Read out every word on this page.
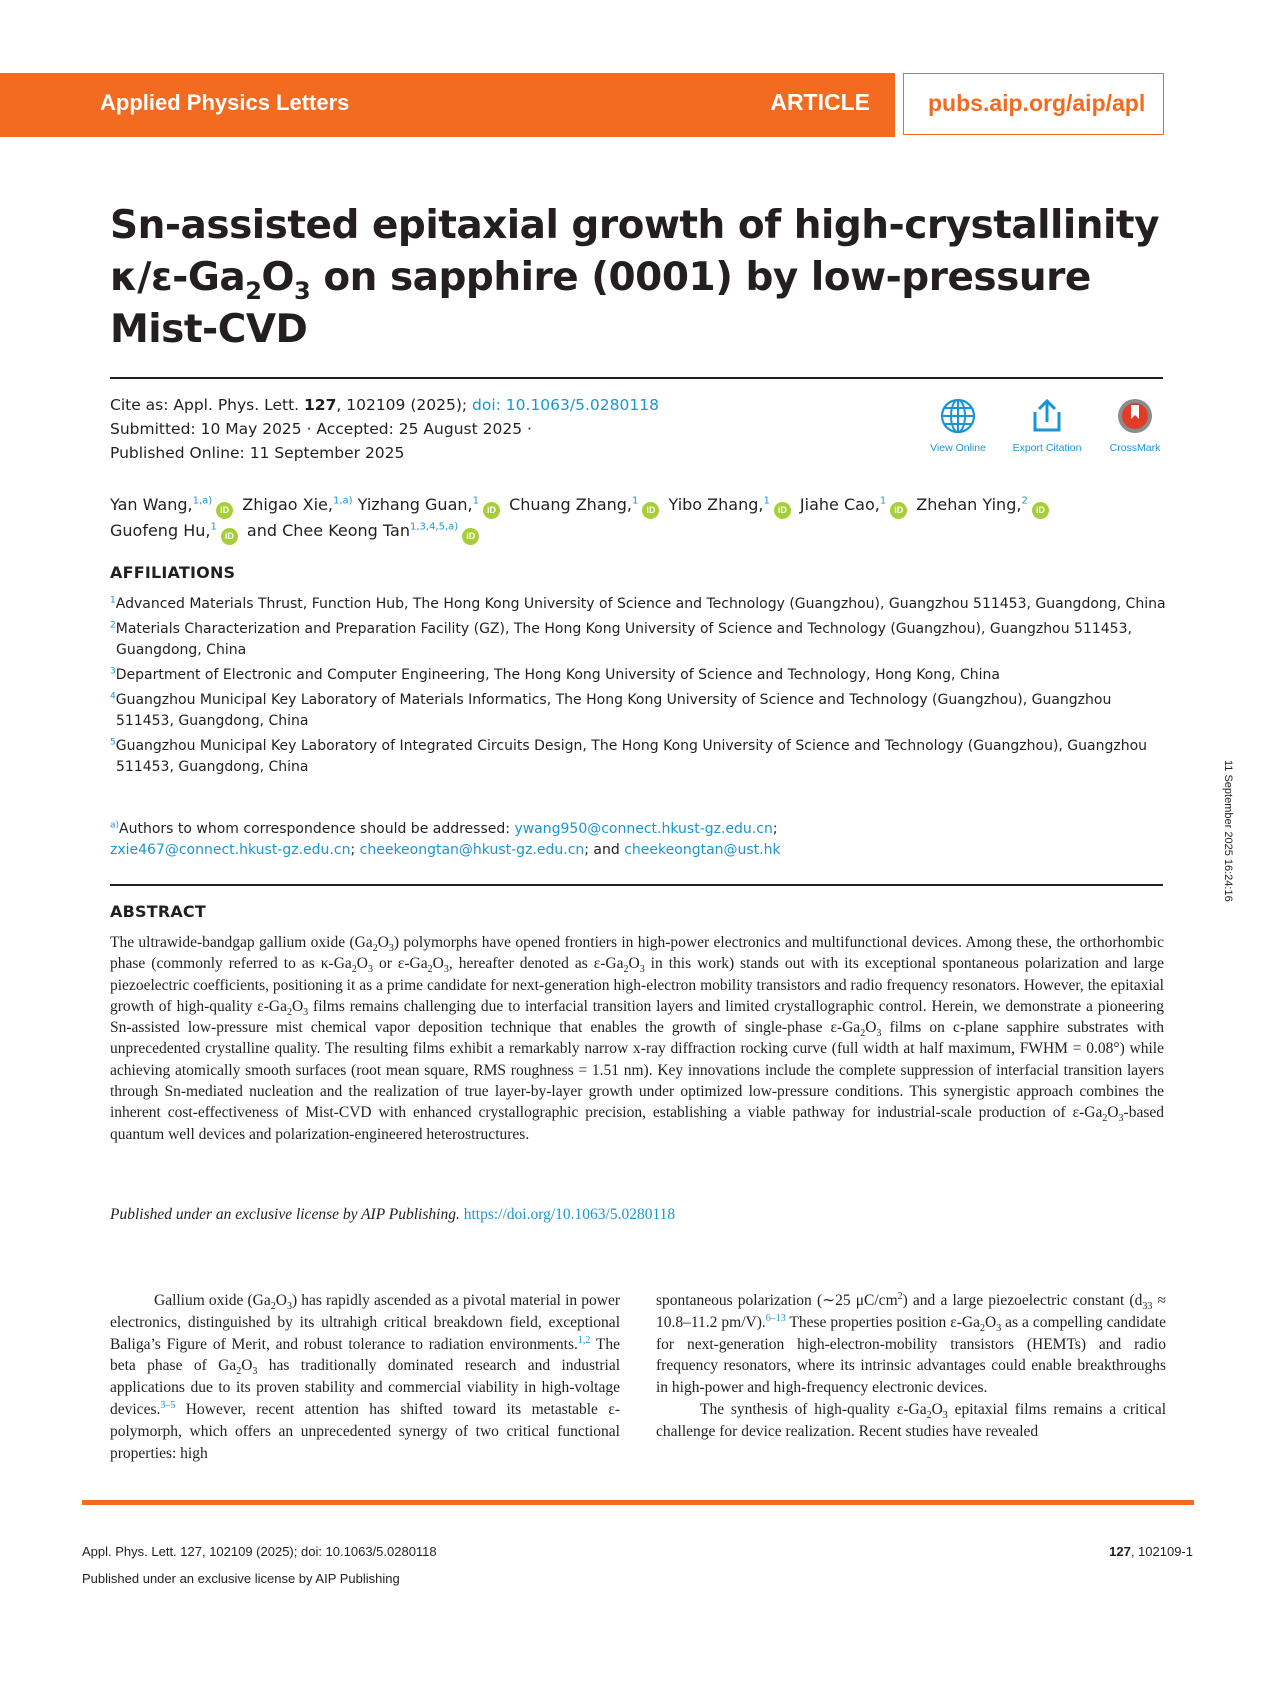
Applied Physics Letters	ARTICLE	pubs.aip.org/aip/apl
Sn-assisted epitaxial growth of high-crystallinity
$\kappa/\varepsilon-Ga_2O_3$ on sapphire (0001) by low-pressure
Mist-CVD
Cite as: Appl. Phys. Lett. 127, 102109 (2025); doi: 10.1063/5.0280118
Submitted: 10 May 2025 · Accepted: 25 August 2025 ·
Published Online: 11 September 2025	View Online	Export Citation	CrossMark
Yan Wang,$^{1,a)}$iD Zhigao Xie,$^{1,a)}$ Yizhang Guan,$^1$iD Chuang Zhang,$^1$iD Yibo Zhang,$^1$iD Jiahe Cao,$^1$iD Zhehan Ying,$^2$iD Guofeng Hu,$^1$iD and Chee Keong Tan$^{1,3,4,5,a)}$iD
AFFILIATIONS
$^1$Advanced Materials Thrust, Function Hub, The Hong Kong University of Science and Technology (Guangzhou), Guangzhou 511453, Guangdong, China
$^2$Materials Characterization and Preparation Facility (GZ), The Hong Kong University of Science and Technology (Guangzhou), Guangzhou 511453, Guangdong, China
$^3$Department of Electronic and Computer Engineering, The Hong Kong University of Science and Technology, Hong Kong, China
$^4$Guangzhou Municipal Key Laboratory of Materials Informatics, The Hong Kong University of Science and Technology (Guangzhou), Guangzhou 511453, Guangdong, China
$^5$Guangzhou Municipal Key Laboratory of Integrated Circuits Design, The Hong Kong University of Science and Technology (Guangzhou), Guangzhou 511453, Guangdong, China
$^{a)}$Authors to whom correspondence should be addressed: ywang950@connect.hkust-gz.edu.cn;
zxie467@connect.hkust-gz.edu.cn; cheekeongtan@hkust-gz.edu.cn; and cheekeongtan@ust.hk
ABSTRACT
The ultrawide-bandgap gallium oxide $(Ga_2O_3)$ polymorphs have opened frontiers in high-power electronics and multifunctional devices. Among these, the orthorhombic phase (commonly referred to as $\kappa-Ga_2O_3$ or $\varepsilon-Ga_2O_3$, hereafter denoted as $\varepsilon-Ga_2O_3$ in this work) stands out with its exceptional spontaneous polarization and large piezoelectric coefficients, positioning it as a prime candidate for next-generation high-electron mobility transistors and radio frequency resonators. However, the epitaxial growth of high-quality $\varepsilon-Ga_2O_3$ films remains challenging due to interfacial transition layers and limited crystallographic control. Herein, we demonstrate a pioneering Sn-assisted low-pressure mist chemical vapor deposition technique that enables the growth of single-phase $\varepsilon-Ga_2O_3$ films on c-plane sapphire substrates with unprecedented crystalline quality. The resulting films exhibit a remarkably narrow x-ray diffraction rocking curve (full width at half maximum, FWHM = 0.08°) while achieving atomically smooth surfaces (root mean square, RMS roughness = 1.51 nm). Key innovations include the complete suppression of interfacial transition layers through Sn-mediated nucleation and the realization of true layer-by-layer growth under optimized low-pressure conditions. This synergistic approach combines the inherent cost-effectiveness of Mist-CVD with enhanced crystallographic precision, establishing a viable pathway for industrial-scale production of $\varepsilon-Ga_2O_3$-based quantum well devices and polarization-engineered heterostructures.
Published under an exclusive license by AIP Publishing. https://doi.org/10.1063/5.0280118

Gallium oxide $(Ga_2O_3)$ has rapidly ascended as a pivotal material in power electronics, distinguished by its ultrahigh critical breakdown field, exceptional Baliga’s Figure of Merit, and robust tolerance to radiation environments.$^{1,2}$ The beta phase of $Ga_2O_3$ has traditionally dominated research and industrial applications due to its proven stability and commercial viability in high-voltage devices.$^{3-5}$ However, recent attention has shifted toward its metastable ε-polymorph, which offers an unprecedented synergy of two critical functional properties: high

spontaneous polarization (∼25 $\mu C/cm^2$) and a large piezoelectric constant ($d_{33} \approx 10.8-11.2$ pm/V).$^{6-13}$ These properties position $\varepsilon-Ga_2O_3$ as a compelling candidate for next-generation high-electron-mobility transistors (HEMTs) and radio frequency resonators, where its intrinsic advantages could enable breakthroughs in high-power and high-frequency electronic devices.

The synthesis of high-quality $\varepsilon-Ga_2O_3$ epitaxial films remains a critical challenge for device realization. Recent studies have revealed

Appl. Phys. Lett. 127, 102109 (2025); doi: 10.1063/5.0280118
Published under an exclusive license by AIP Publishing
127, 102109-1
11 September 2025 16:24:16
